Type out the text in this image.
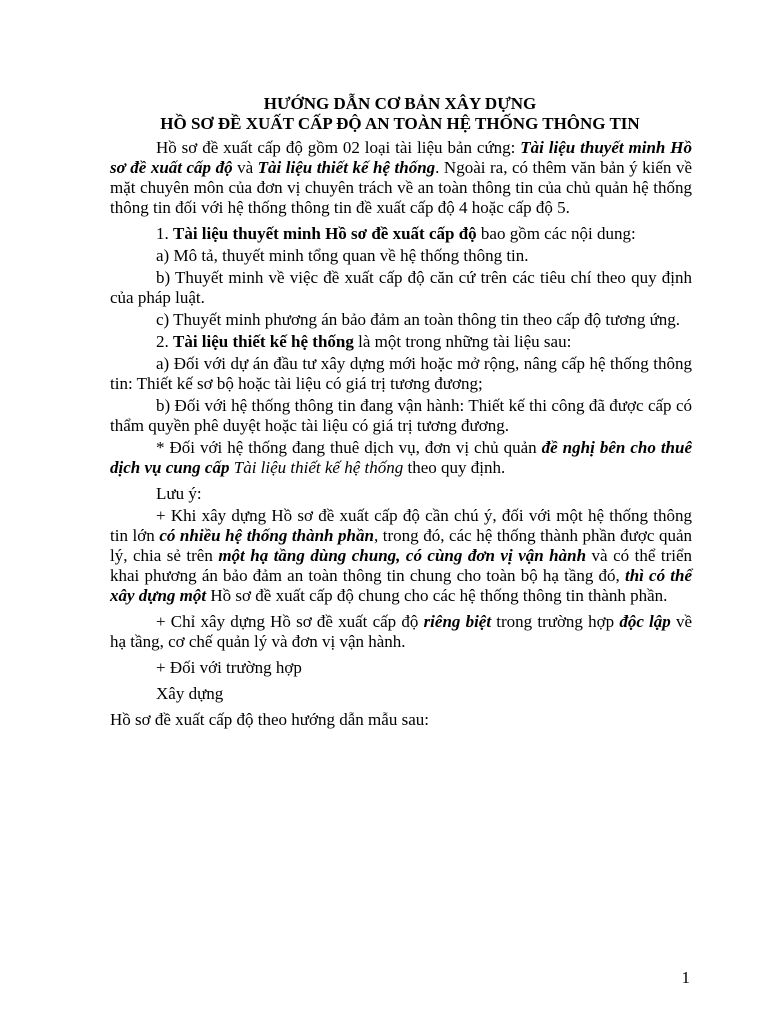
HƯỚNG DẪN CƠ BẢN XÂY DỰNG
HỒ SƠ ĐỀ XUẤT CẤP ĐỘ AN TOÀN HỆ THỐNG THÔNG TIN

Hồ sơ đề xuất cấp độ gồm 02 loại tài liệu bản cứng: Tài liệu thuyết minh Hồ sơ đề xuất cấp độ và Tài liệu thiết kế hệ thống. Ngoài ra, có thêm văn bản ý kiến về mặt chuyên môn của đơn vị chuyên trách về an toàn thông tin của chủ quản hệ thống thông tin đối với hệ thống thông tin đề xuất cấp độ 4 hoặc cấp độ 5.

1. Tài liệu thuyết minh Hồ sơ đề xuất cấp độ bao gồm các nội dung:

a) Mô tả, thuyết minh tổng quan về hệ thống thông tin.

b) Thuyết minh về việc đề xuất cấp độ căn cứ trên các tiêu chí theo quy định của pháp luật.

c) Thuyết minh phương án bảo đảm an toàn thông tin theo cấp độ tương ứng.

2. Tài liệu thiết kế hệ thống là một trong những tài liệu sau:

a) Đối với dự án đầu tư xây dựng mới hoặc mở rộng, nâng cấp hệ thống thông tin: Thiết kế sơ bộ hoặc tài liệu có giá trị tương đương;

b) Đối với hệ thống thông tin đang vận hành: Thiết kế thi công đã được cấp có thẩm quyền phê duyệt hoặc tài liệu có giá trị tương đương.

* Đối với hệ thống đang thuê dịch vụ, đơn vị chủ quản đề nghị bên cho thuê dịch vụ cung cấp Tài liệu thiết kế hệ thống theo quy định.

Lưu ý:

+ Khi xây dựng Hồ sơ đề xuất cấp độ cần chú ý, đối với một hệ thống thông tin lớn có nhiều hệ thống thành phần, trong đó, các hệ thống thành phần được quản lý, chia sẻ trên một hạ tầng dùng chung, có cùng đơn vị vận hành và có thể triển khai phương án bảo đảm an toàn thông tin chung cho toàn bộ hạ tầng đó, thì có thể xây dựng một Hồ sơ đề xuất cấp độ chung cho các hệ thống thông tin thành phần.

+ Chỉ xây dựng Hồ sơ đề xuất cấp độ riêng biệt trong trường hợp độc lập về hạ tầng, cơ chế quản lý và đơn vị vận hành.

+ Đối với trường hợp

Xây dựng

Hồ sơ đề xuất cấp độ theo hướng dẫn mẫu sau:

1
